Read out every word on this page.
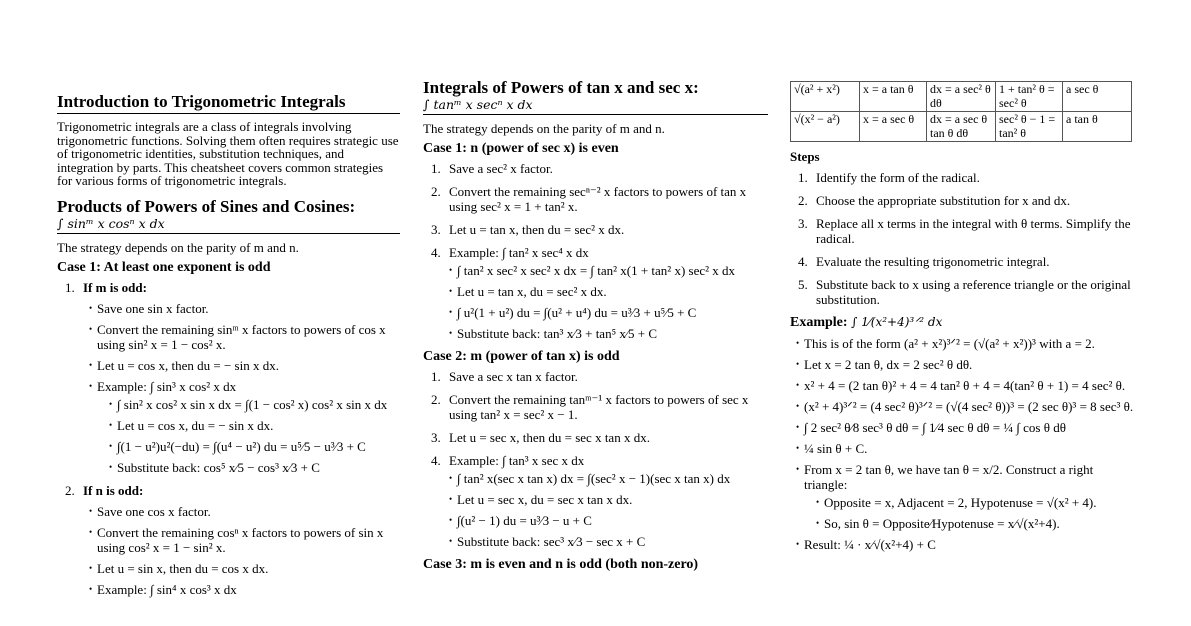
Introduction to Trigonometric Integrals
Trigonometric integrals are a class of integrals involving trigonometric functions. Solving them often requires strategic use of trigonometric identities, substitution techniques, and integration by parts. This cheatsheet covers common strategies for various forms of trigonometric integrals.
Products of Powers of Sines and Cosines:
∫ sinᵐ x cosⁿ x dx
The strategy depends on the parity of m and n.
Case 1: At least one exponent is odd
1. If m is odd:
• Save one sin x factor.
• Convert the remaining sinᵐ x factors to powers of cos x using sin² x = 1 − cos² x.
• Let u = cos x, then du = − sin x dx.
• Example: ∫ sin³ x cos² x dx
• ∫ sin² x cos² x sin x dx = ∫(1 − cos² x) cos² x sin x dx
• Let u = cos x, du = − sin x dx.
• ∫(1 − u²)u²(−du) = ∫(u⁴ − u²) du = u⁵⁄5 − u³⁄3 + C
• Substitute back: cos⁵ x⁄5 − cos³ x⁄3 + C
2. If n is odd:
• Save one cos x factor.
• Convert the remaining cosⁿ x factors to powers of sin x using cos² x = 1 − sin² x.
• Let u = sin x, then du = cos x dx.
• Example: ∫ sin⁴ x cos³ x dx
Integrals of Powers of tan x and sec x:
∫ tanᵐ x secⁿ x dx
The strategy depends on the parity of m and n.
Case 1: n (power of sec x) is even
1. Save a sec² x factor.
2. Convert the remaining secⁿ⁻² x factors to powers of tan x using sec² x = 1 + tan² x.
3. Let u = tan x, then du = sec² x dx.
4. Example: ∫ tan² x sec⁴ x dx
• ∫ tan² x sec² x sec² x dx = ∫ tan² x(1 + tan² x) sec² x dx
• Let u = tan x, du = sec² x dx.
• ∫ u²(1 + u²) du = ∫(u² + u⁴) du = u³⁄3 + u⁵⁄5 + C
• Substitute back: tan³ x⁄3 + tan⁵ x⁄5 + C
Case 2: m (power of tan x) is odd
1. Save a sec x tan x factor.
2. Convert the remaining tanᵐ⁻¹ x factors to powers of sec x using tan² x = sec² x − 1.
3. Let u = sec x, then du = sec x tan x dx.
4. Example: ∫ tan³ x sec x dx
• ∫ tan² x(sec x tan x) dx = ∫(sec² x − 1)(sec x tan x) dx
• Let u = sec x, du = sec x tan x dx.
• ∫(u² − 1) du = u³⁄3 − u + C
• Substitute back: sec³ x⁄3 − sec x + C
Case 3: m is even and n is odd (both non-zero)
√(a² + x²)	x = a tan θ	dx = a sec² θ dθ	1 + tan² θ = sec² θ	a sec θ
√(x² − a²)	x = a sec θ	dx = a sec θ tan θ dθ	sec² θ − 1 = tan² θ	a tan θ
Steps
1. Identify the form of the radical.
2. Choose the appropriate substitution for x and dx.
3. Replace all x terms in the integral with θ terms. Simplify the radical.
4. Evaluate the resulting trigonometric integral.
5. Substitute back to x using a reference triangle or the original substitution.
Example: ∫ 1⁄(x²+4)³ᐟ² dx
• This is of the form (a² + x²)³ᐟ² = (√(a² + x²))³ with a = 2.
• Let x = 2 tan θ, dx = 2 sec² θ dθ.
• x² + 4 = (2 tan θ)² + 4 = 4 tan² θ + 4 = 4(tan² θ + 1) = 4 sec² θ.
• (x² + 4)³ᐟ² = (4 sec² θ)³ᐟ² = (√(4 sec² θ))³ = (2 sec θ)³ = 8 sec³ θ.
• ∫ 2 sec² θ⁄8 sec³ θ dθ = ∫ 1⁄4 sec θ dθ = ¼ ∫ cos θ dθ
• ¼ sin θ + C.
• From x = 2 tan θ, we have tan θ = x/2. Construct a right triangle:
• Opposite = x, Adjacent = 2, Hypotenuse = √(x² + 4).
• So, sin θ = Opposite⁄Hypotenuse = x⁄√(x²+4).
• Result: ¼ · x⁄√(x²+4) + C
